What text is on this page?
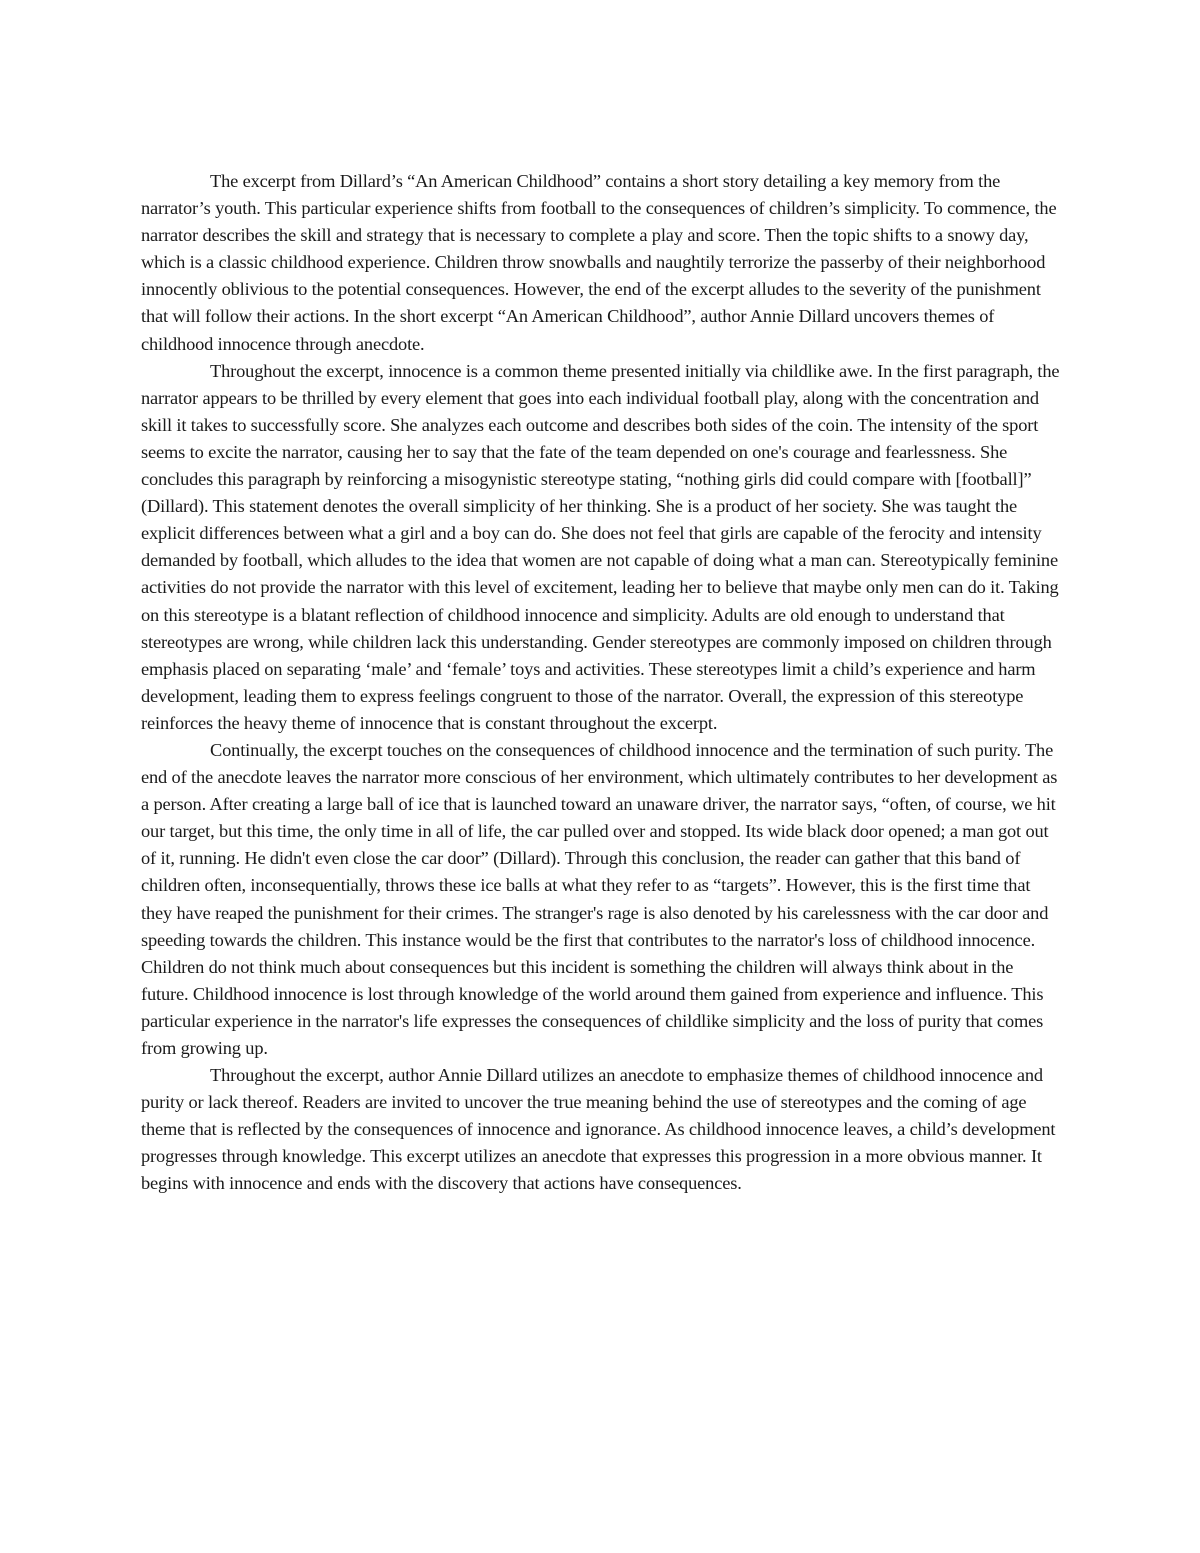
The excerpt from Dillard’s “An American Childhood” contains a short story detailing a key memory from the narrator’s youth. This particular experience shifts from football to the consequences of children’s simplicity. To commence, the narrator describes the skill and strategy that is necessary to complete a play and score. Then the topic shifts to a snowy day, which is a classic childhood experience. Children throw snowballs and naughtily terrorize the passerby of their neighborhood innocently oblivious to the potential consequences. However, the end of the excerpt alludes to the severity of the punishment that will follow their actions. In the short excerpt “An American Childhood”, author Annie Dillard uncovers themes of childhood innocence through anecdote.

Throughout the excerpt, innocence is a common theme presented initially via childlike awe. In the first paragraph, the narrator appears to be thrilled by every element that goes into each individual football play, along with the concentration and skill it takes to successfully score. She analyzes each outcome and describes both sides of the coin. The intensity of the sport seems to excite the narrator, causing her to say that the fate of the team depended on one's courage and fearlessness. She concludes this paragraph by reinforcing a misogynistic stereotype stating, “nothing girls did could compare with [football]” (Dillard). This statement denotes the overall simplicity of her thinking. She is a product of her society. She was taught the explicit differences between what a girl and a boy can do. She does not feel that girls are capable of the ferocity and intensity demanded by football, which alludes to the idea that women are not capable of doing what a man can. Stereotypically feminine activities do not provide the narrator with this level of excitement, leading her to believe that maybe only men can do it. Taking on this stereotype is a blatant reflection of childhood innocence and simplicity. Adults are old enough to understand that stereotypes are wrong, while children lack this understanding. Gender stereotypes are commonly imposed on children through emphasis placed on separating ‘male’ and ‘female’ toys and activities. These stereotypes limit a child’s experience and harm development, leading them to express feelings congruent to those of the narrator. Overall, the expression of this stereotype reinforces the heavy theme of innocence that is constant throughout the excerpt.

Continually, the excerpt touches on the consequences of childhood innocence and the termination of such purity. The end of the anecdote leaves the narrator more conscious of her environment, which ultimately contributes to her development as a person. After creating a large ball of ice that is launched toward an unaware driver, the narrator says, “often, of course, we hit our target, but this time, the only time in all of life, the car pulled over and stopped. Its wide black door opened; a man got out of it, running. He didn't even close the car door” (Dillard). Through this conclusion, the reader can gather that this band of children often, inconsequentially, throws these ice balls at what they refer to as “targets”. However, this is the first time that they have reaped the punishment for their crimes. The stranger's rage is also denoted by his carelessness with the car door and speeding towards the children. This instance would be the first that contributes to the narrator's loss of childhood innocence. Children do not think much about consequences but this incident is something the children will always think about in the future. Childhood innocence is lost through knowledge of the world around them gained from experience and influence. This particular experience in the narrator's life expresses the consequences of childlike simplicity and the loss of purity that comes from growing up.

Throughout the excerpt, author Annie Dillard utilizes an anecdote to emphasize themes of childhood innocence and purity or lack thereof. Readers are invited to uncover the true meaning behind the use of stereotypes and the coming of age theme that is reflected by the consequences of innocence and ignorance. As childhood innocence leaves, a child’s development progresses through knowledge. This excerpt utilizes an anecdote that expresses this progression in a more obvious manner. It begins with innocence and ends with the discovery that actions have consequences.
